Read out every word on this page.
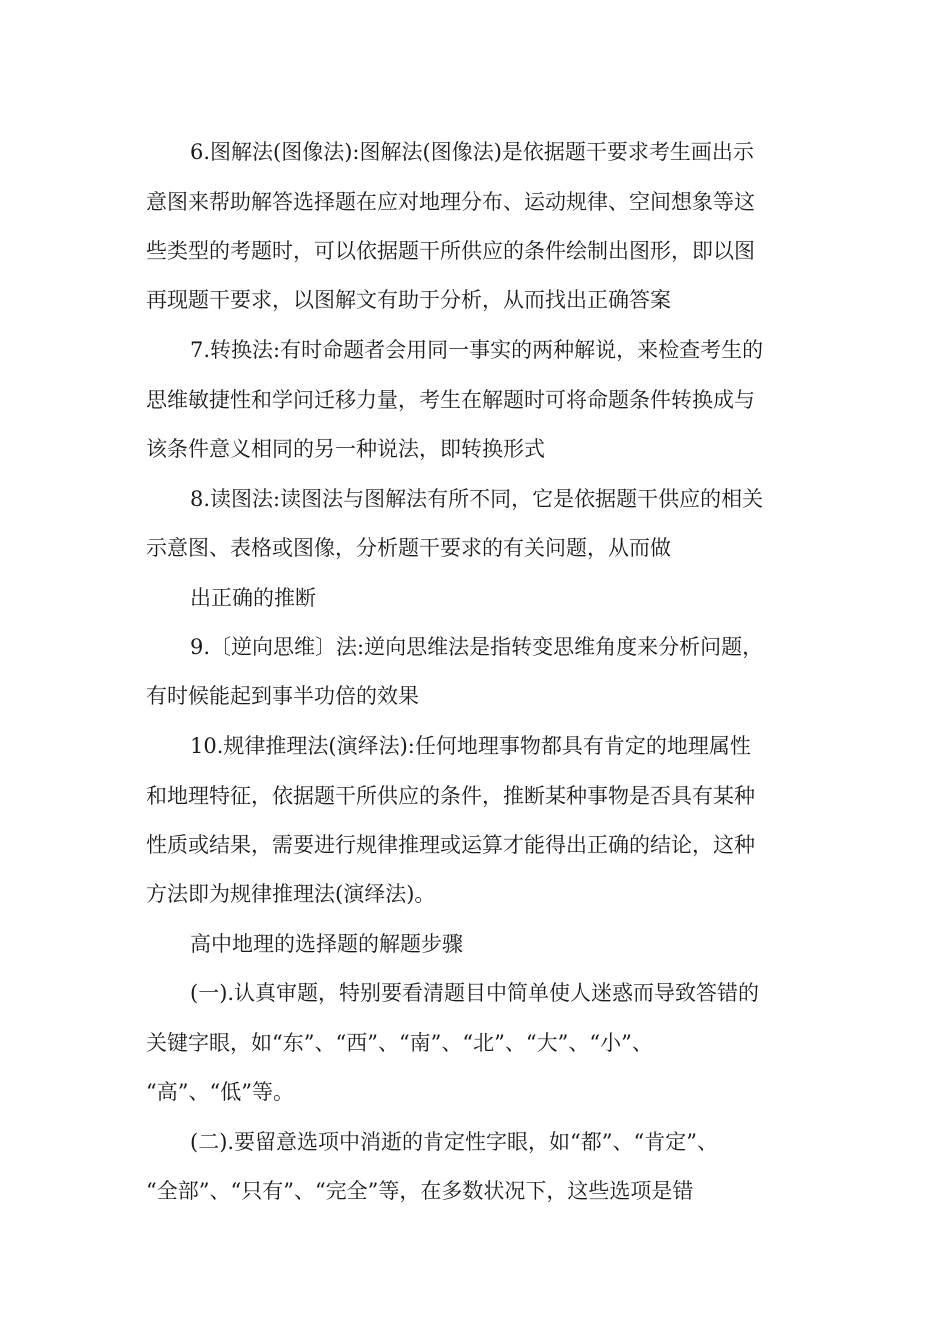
6.图解法(图像法):图解法(图像法)是依据题干要求考生画出示
意图来帮助解答选择题在应对地理分布、运动规律、空间想象等这
些类型的考题时，可以依据题干所供应的条件绘制出图形，即以图
再现题干要求，以图解文有助于分析，从而找出正确答案
7.转换法:有时命题者会用同一事实的两种解说，来检查考生的
思维敏捷性和学问迁移力量，考生在解题时可将命题条件转换成与
该条件意义相同的另一种说法，即转换形式
8.读图法:读图法与图解法有所不同，它是依据题干供应的相关
示意图、表格或图像，分析题干要求的有关问题，从而做
出正确的推断
9.〔逆向思维〕法:逆向思维法是指转变思维角度来分析问题，
有时候能起到事半功倍的效果
10.规律推理法(演绎法):任何地理事物都具有肯定的地理属性
和地理特征，依据题干所供应的条件，推断某种事物是否具有某种
性质或结果，需要进行规律推理或运算才能得出正确的结论，这种
方法即为规律推理法(演绎法)。
高中地理的选择题的解题步骤
(一).认真审题，特别要看清题目中简单使人迷惑而导致答错的
关键字眼，如“东”、“西”、“南”、“北”、“大”、“小”、
“高”、“低”等。
(二).要留意选项中消逝的肯定性字眼，如“都”、“肯定”、
“全部”、“只有”、“完全”等，在多数状况下，这些选项是错
